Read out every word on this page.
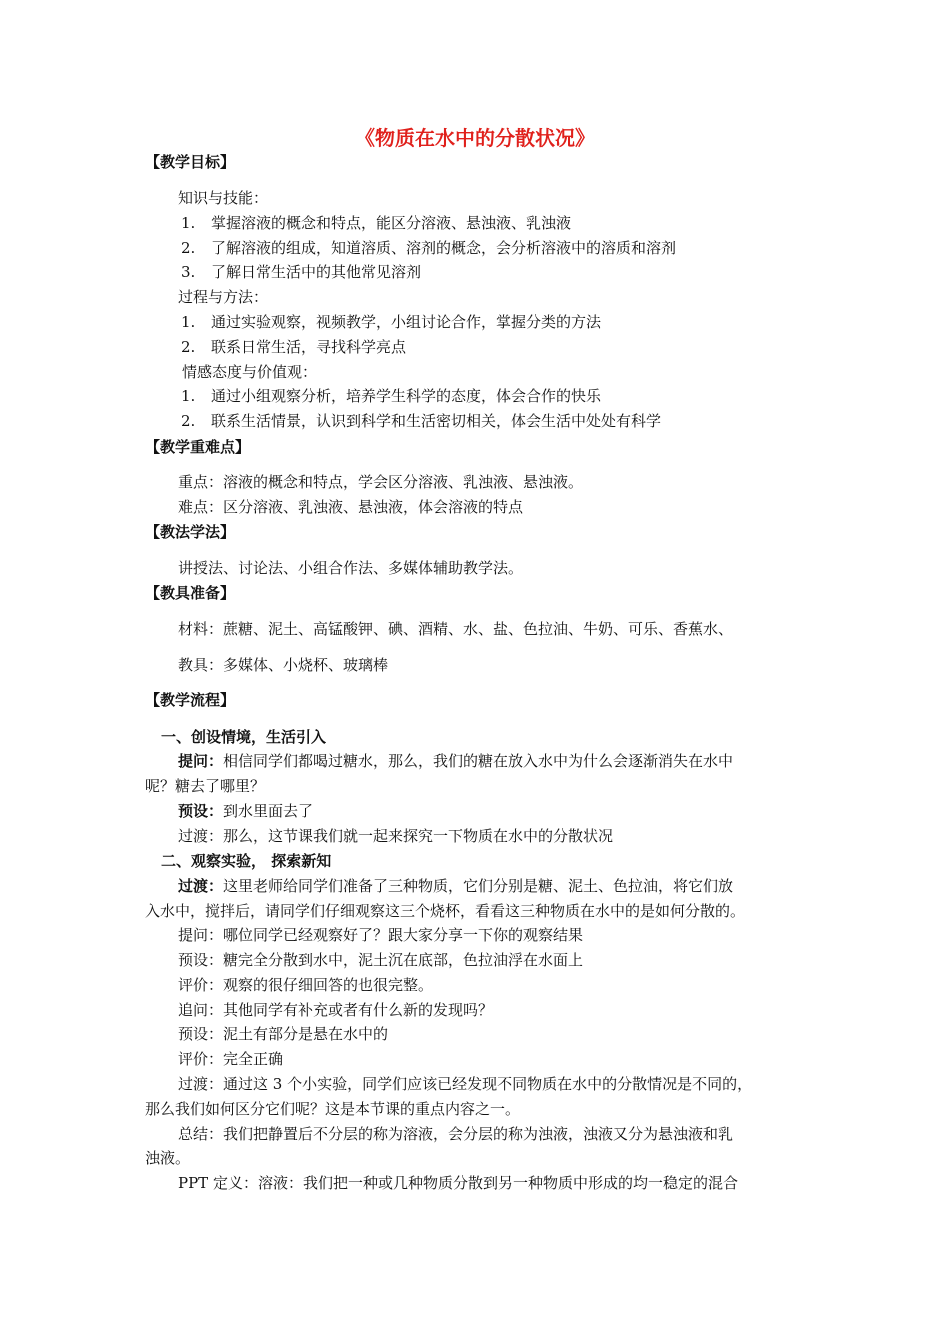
《物质在水中的分散状况》
【教学目标】
知识与技能：
1. 掌握溶液的概念和特点，能区分溶液、悬浊液、乳浊液
2. 了解溶液的组成，知道溶质、溶剂的概念，会分析溶液中的溶质和溶剂
3. 了解日常生活中的其他常见溶剂
过程与方法：
1. 通过实验观察，视频教学，小组讨论合作，掌握分类的方法
2. 联系日常生活，寻找科学亮点
情感态度与价值观：
1. 通过小组观察分析，培养学生科学的态度，体会合作的快乐
2. 联系生活情景，认识到科学和生活密切相关，体会生活中处处有科学
【教学重难点】
重点：溶液的概念和特点，学会区分溶液、乳浊液、悬浊液。
难点：区分溶液、乳浊液、悬浊液，体会溶液的特点
【教法学法】
讲授法、讨论法、小组合作法、多媒体辅助教学法。
【教具准备】
材料：蔗糖、泥土、高锰酸钾、碘、酒精、水、盐、色拉油、牛奶、可乐、香蕉水、
教具：多媒体、小烧杯、玻璃棒
【教学流程】
一、创设情境，生活引入
提问：相信同学们都喝过糖水，那么，我们的糖在放入水中为什么会逐渐消失在水中
呢？糖去了哪里？
预设：到水里面去了
过渡：那么，这节课我们就一起来探究一下物质在水中的分散状况
二、观察实验， 探索新知
过渡：这里老师给同学们准备了三种物质，它们分别是糖、泥土、色拉油，将它们放
入水中，搅拌后，请同学们仔细观察这三个烧杯，看看这三种物质在水中的是如何分散的。
提问：哪位同学已经观察好了？跟大家分享一下你的观察结果
预设：糖完全分散到水中，泥土沉在底部，色拉油浮在水面上
评价：观察的很仔细回答的也很完整。
追问：其他同学有补充或者有什么新的发现吗？
预设：泥土有部分是悬在水中的
评价：完全正确
过渡：通过这 3 个小实验，同学们应该已经发现不同物质在水中的分散情况是不同的，
那么我们如何区分它们呢？这是本节课的重点内容之一。
总结：我们把静置后不分层的称为溶液，会分层的称为浊液，浊液又分为悬浊液和乳
浊液。
PPT 定义：溶液：我们把一种或几种物质分散到另一种物质中形成的均一稳定的混合
